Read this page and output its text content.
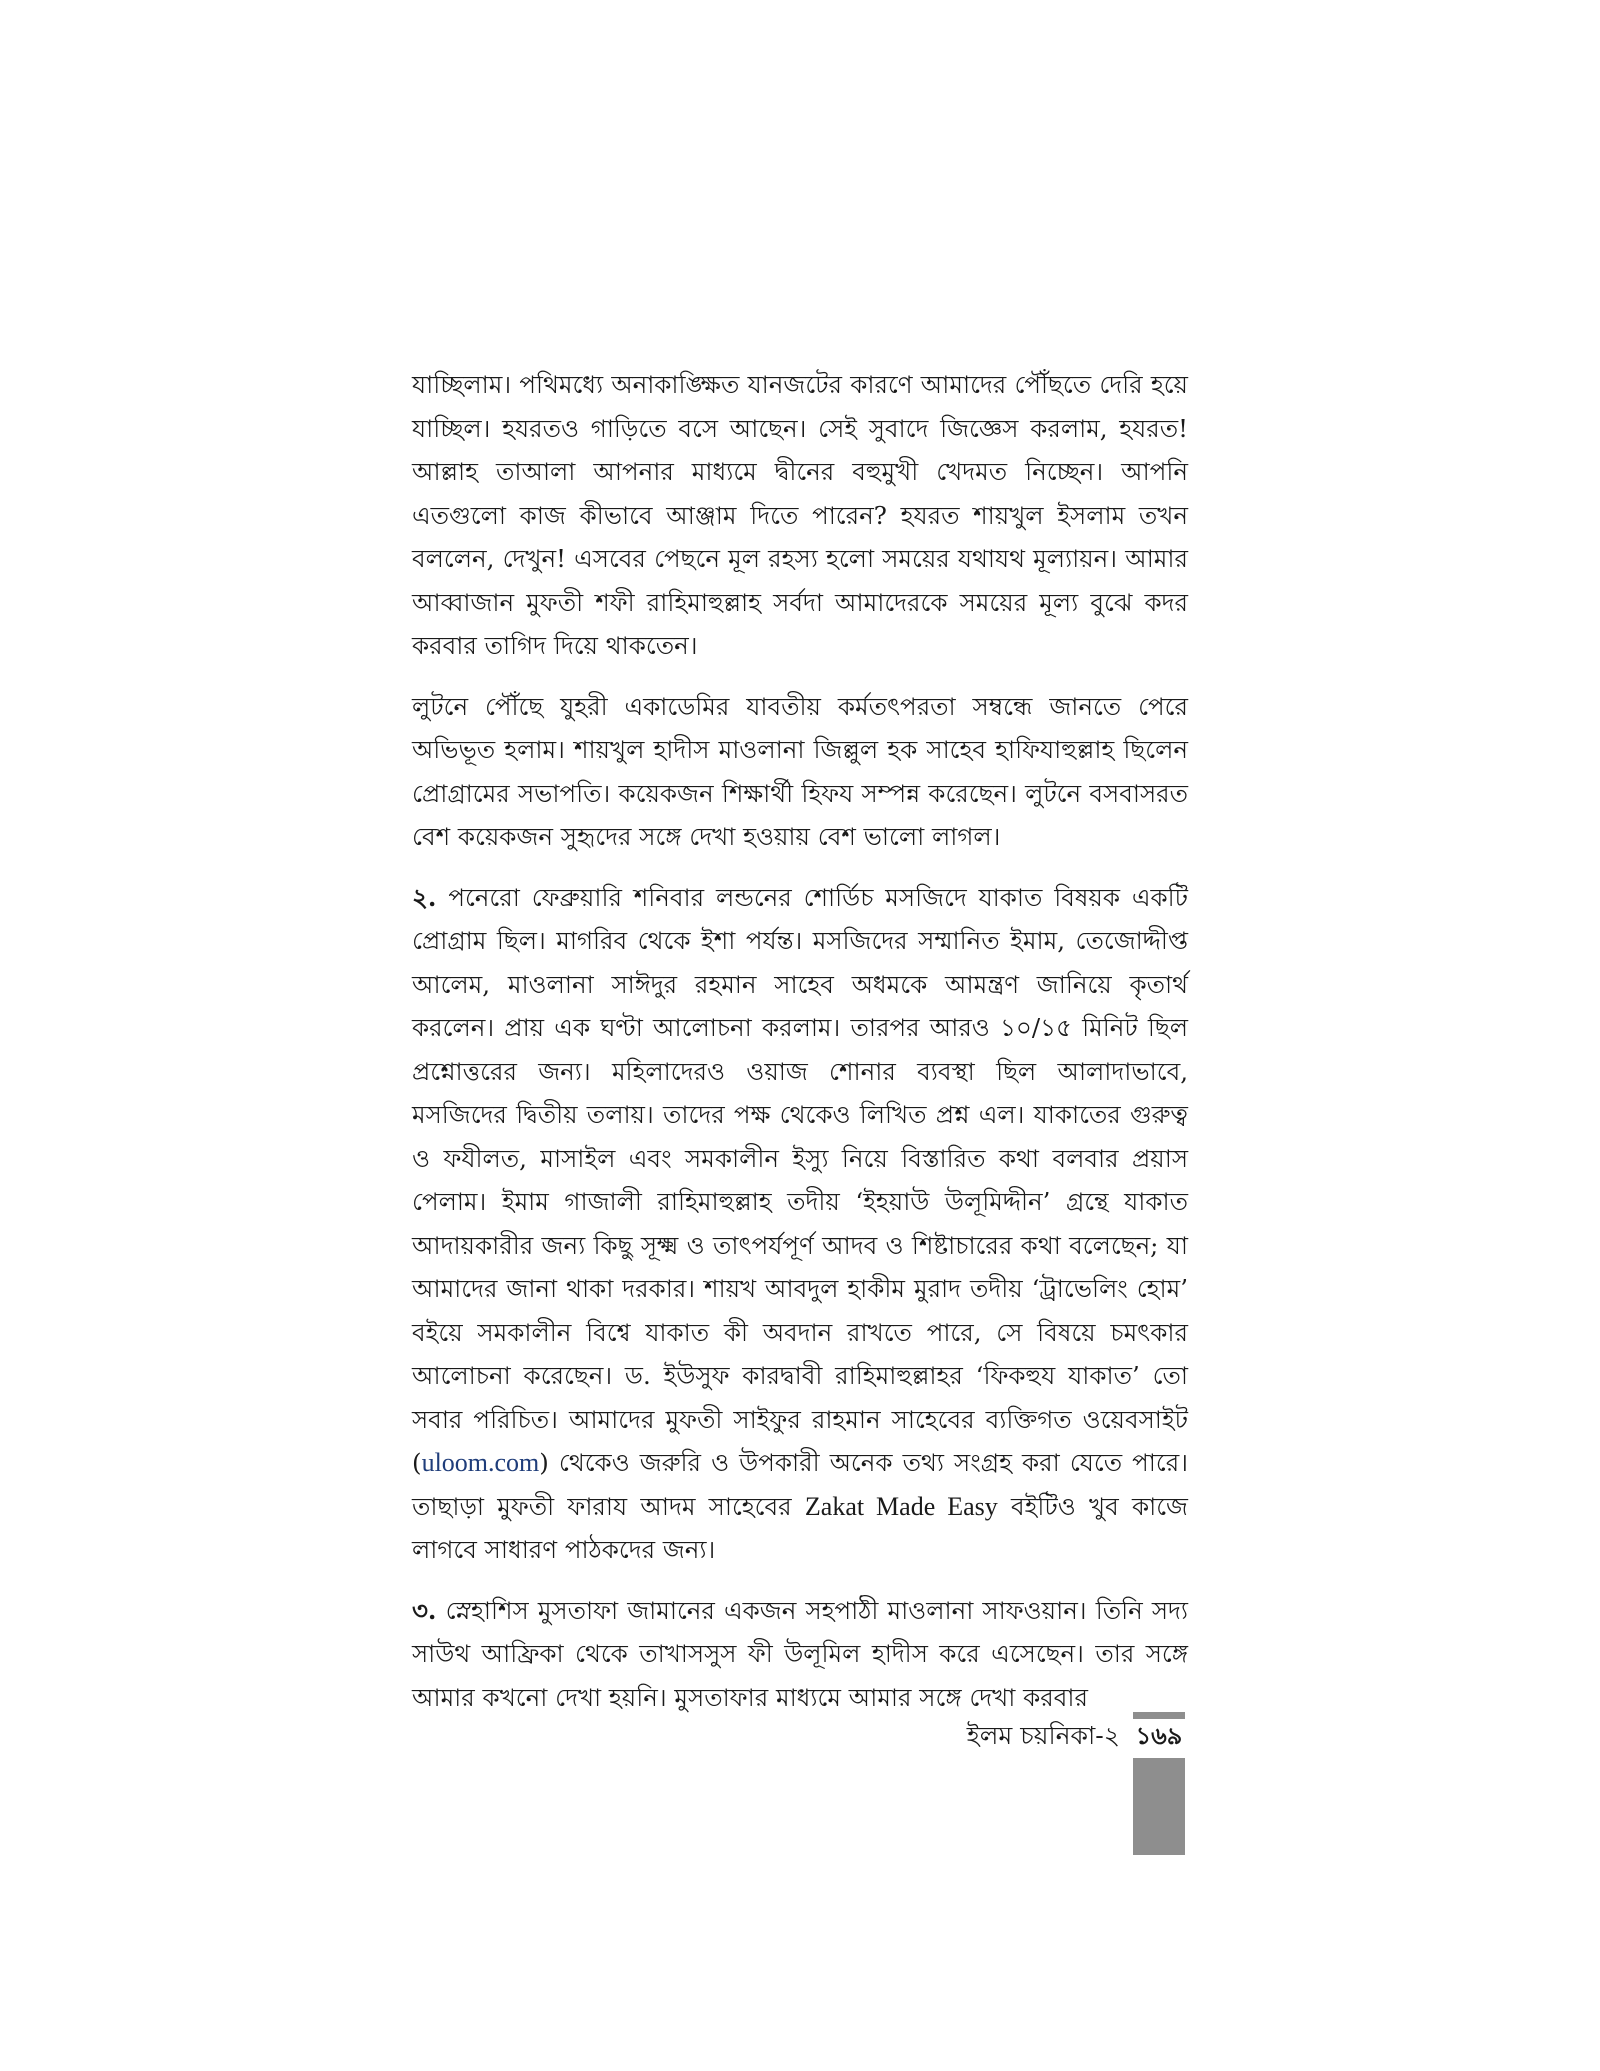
যাচ্ছিলাম। পথিমধ্যে অনাকাঙ্ক্ষিত যানজটের কারণে আমাদের পৌঁছতে দেরি হয়ে যাচ্ছিল। হযরতও গাড়িতে বসে আছেন। সেই সুবাদে জিজ্ঞেস করলাম, হযরত! আল্লাহ তাআলা আপনার মাধ্যমে দ্বীনের বহুমুখী খেদমত নিচ্ছেন। আপনি এতগুলো কাজ কীভাবে আঞ্জাম দিতে পারেন? হযরত শায়খুল ইসলাম তখন বললেন, দেখুন! এসবের পেছনে মূল রহস্য হলো সময়ের যথাযথ মূল্যায়ন। আমার আব্বাজান মুফতী শফী রাহিমাহুল্লাহ সর্বদা আমাদেরকে সময়ের মূল্য বুঝে কদর করবার তাগিদ দিয়ে থাকতেন।

লুটনে পৌঁছে যুহরী একাডেমির যাবতীয় কর্মতৎপরতা সম্বন্ধে জানতে পেরে অভিভূত হলাম। শায়খুল হাদীস মাওলানা জিল্লুল হক সাহেব হাফিযাহুল্লাহ ছিলেন প্রোগ্রামের সভাপতি। কয়েকজন শিক্ষার্থী হিফয সম্পন্ন করেছেন। লুটনে বসবাসরত বেশ কয়েকজন সুহৃদের সঙ্গে দেখা হওয়ায় বেশ ভালো লাগল।

২. পনেরো ফেব্রুয়ারি শনিবার লন্ডনের শোর্ডিচ মসজিদে যাকাত বিষয়ক একটি প্রোগ্রাম ছিল। মাগরিব থেকে ইশা পর্যন্ত। মসজিদের সম্মানিত ইমাম, তেজোদ্দীপ্ত আলেম, মাওলানা সাঈদুর রহমান সাহেব অধমকে আমন্ত্রণ জানিয়ে কৃতার্থ করলেন। প্রায় এক ঘণ্টা আলোচনা করলাম। তারপর আরও ১০/১৫ মিনিট ছিল প্রশ্নোত্তরের জন্য। মহিলাদেরও ওয়াজ শোনার ব্যবস্থা ছিল আলাদাভাবে, মসজিদের দ্বিতীয় তলায়। তাদের পক্ষ থেকেও লিখিত প্রশ্ন এল। যাকাতের গুরুত্ব ও ফযীলত, মাসাইল এবং সমকালীন ইস্যু নিয়ে বিস্তারিত কথা বলবার প্রয়াস পেলাম। ইমাম গাজালী রাহিমাহুল্লাহ তদীয় ‘ইহয়াউ উলূমিদ্দীন’ গ্রন্থে যাকাত আদায়কারীর জন্য কিছু সূক্ষ্ম ও তাৎপর্যপূর্ণ আদব ও শিষ্টাচারের কথা বলেছেন; যা আমাদের জানা থাকা দরকার। শায়খ আবদুল হাকীম মুরাদ তদীয় ‘ট্রাভেলিং হোম’ বইয়ে সমকালীন বিশ্বে যাকাত কী অবদান রাখতে পারে, সে বিষয়ে চমৎকার আলোচনা করেছেন। ড. ইউসুফ কারদ্বাবী রাহিমাহুল্লাহর ‘ফিকহুয যাকাত’ তো সবার পরিচিত। আমাদের মুফতী সাইফুর রাহমান সাহেবের ব্যক্তিগত ওয়েবসাইট (uloom.com) থেকেও জরুরি ও উপকারী অনেক তথ্য সংগ্রহ করা যেতে পারে। তাছাড়া মুফতী ফারায আদম সাহেবের Zakat Made Easy বইটিও খুব কাজে লাগবে সাধারণ পাঠকদের জন্য।

৩. স্নেহাশিস মুসতাফা জামানের একজন সহপাঠী মাওলানা সাফওয়ান। তিনি সদ্য সাউথ আফ্রিকা থেকে তাখাসসুস ফী উলূমিল হাদীস করে এসেছেন। তার সঙ্গে আমার কখনো দেখা হয়নি। মুসতাফার মাধ্যমে আমার সঙ্গে দেখা করবার

ইলম চয়নিকা-২ ১৬৯
